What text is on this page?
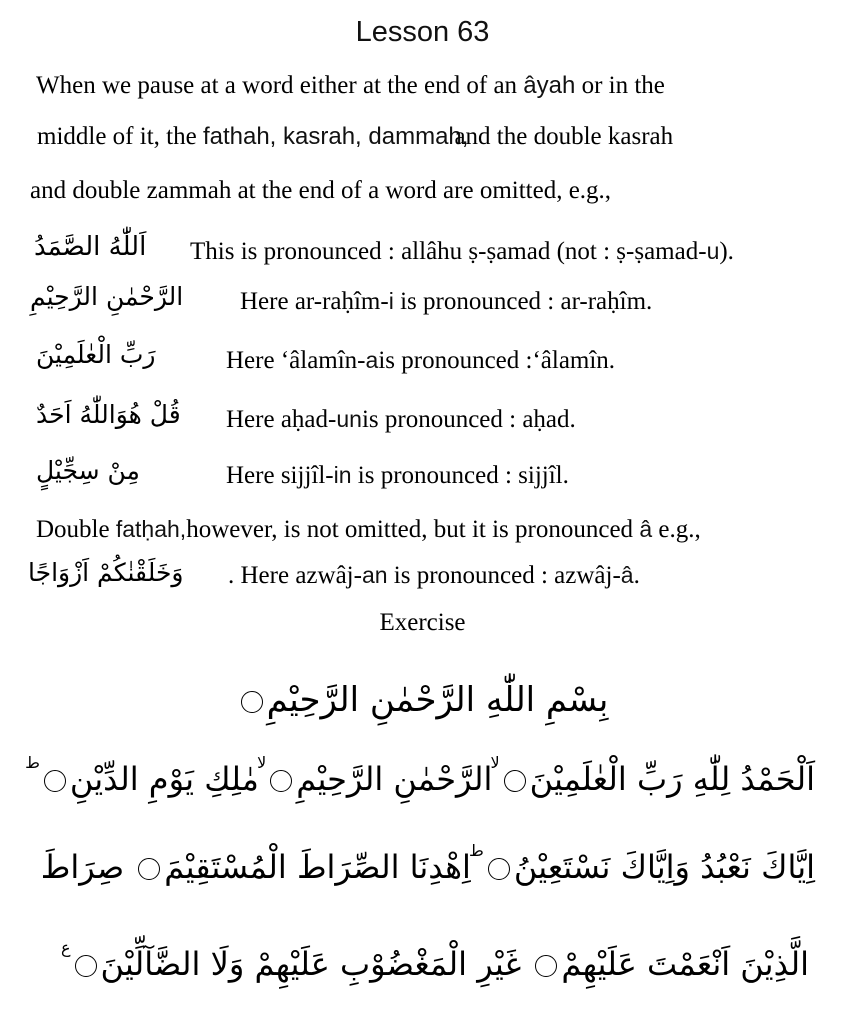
Lesson 63
When we pause at a word either at the end of an âyah or in the
middle of it, the fathah, kasrah, dammah,and the double kasrah
and double zammah at the end of a word are omitted, e.g.,
اَللّٰهُ الصَّمَدُ	This is pronounced : allâhu ṣ-ṣamad (not : ṣ-ṣamad-u).
الرَّحْمٰنِ الرَّحِيْمِ	Here ar-raḥîm-i is pronounced : ar-raḥîm.
رَبِّ الْعٰلَمِيْنَ	Here ‘âlamîn-ais pronounced :‘âlamîn.
قُلْ هُوَاللّٰهُ اَحَدٌ	Here aḥad-unis pronounced : aḥad.
مِنْ سِجِّيْلٍ	Here sijjîl-in is pronounced : sijjîl.
Double fatḥah,however, is not omitted, but it is pronounced â e.g.,
وَخَلَقْنٰكُمْ اَزْوَاجًا	. Here azwâj-an is pronounced : azwâj-â.
Exercise
بِسْمِ اللّٰهِ الرَّحْمٰنِ الرَّحِيْمِ
اَلْحَمْدُ لِلّٰهِ رَبِّ الْعٰلَمِيْنَ$^{لا}$ الرَّحْمٰنِ الرَّحِيْمِ$^{لا}$ مٰلِكِ يَوْمِ الدِّيْنِ$^ط$
اِيَّاكَ نَعْبُدُ وَاِيَّاكَ نَسْتَعِيْنُ$^ط$ اِهْدِنَا الصِّرَاطَ الْمُسْتَقِيْمَ صِرَاطَ
الَّذِيْنَ اَنْعَمْتَ عَلَيْهِمْ غَيْرِ الْمَغْضُوْبِ عَلَيْهِمْ وَلَا الضَّآلِّيْنَ$^ع$
